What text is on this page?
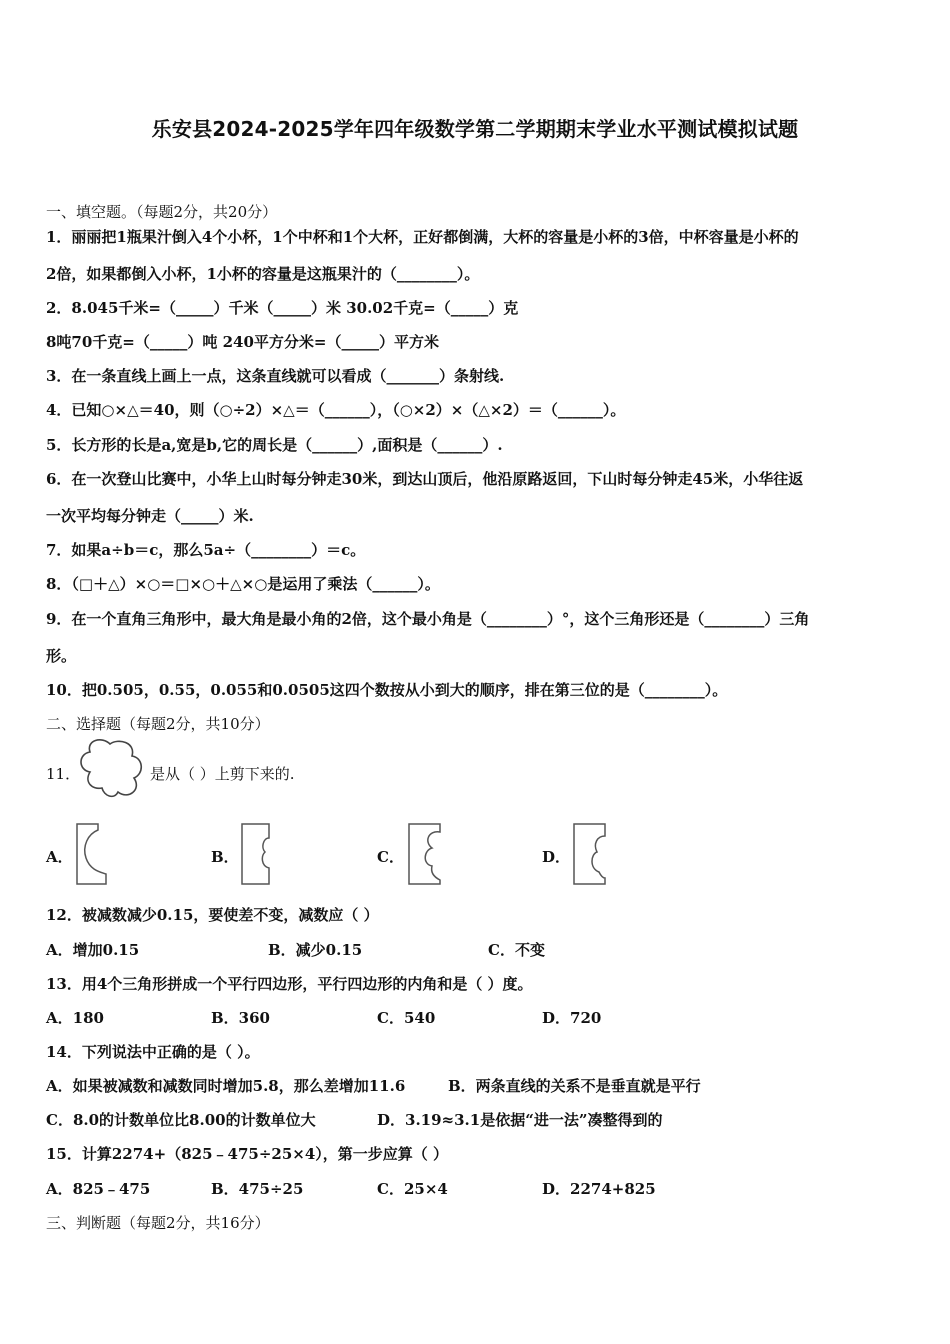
乐安县2024-2025学年四年级数学第二学期期末学业水平测试模拟试题
一、填空题。（每题2分，共20分）
1．丽丽把1瓶果汁倒入4个小杯，1个中杯和1个大杯，正好都倒满，大杯的容量是小杯的3倍，中杯容量是小杯的
2倍，如果都倒入小杯，1小杯的容量是这瓶果汁的（________）。
2．8.045千米=（_____）千米（_____）米 30.02千克=（_____）克
8吨70千克=（_____）吨 240平方分米=（_____）平方米
3．在一条直线上画上一点，这条直线就可以看成（_______）条射线.
4．已知○×△＝40，则（○÷2）×△＝（______），（○×2）×（△×2）＝（______）。
5．长方形的长是a,宽是b,它的周长是（______）,面积是（______）.
6．在一次登山比赛中，小华上山时每分钟走30米，到达山顶后，他沿原路返回，下山时每分钟走45米，小华往返
一次平均每分钟走（_____）米.
7．如果a÷b＝c，那么5a÷（________）＝c。
8．（□＋△）×○＝□×○＋△×○是运用了乘法（______）。
9．在一个直角三角形中，最大角是最小角的2倍，这个最小角是（________）°，这个三角形还是（________）三角
形。
10．把0.505，0.55，0.055和0.0505这四个数按从小到大的顺序，排在第三位的是（________）。
二、选择题（每题2分，共10分）
11．	是从（ ）上剪下来的.
A．	B．	C．	D．
12．被减数减少0.15，要使差不变，减数应（ ）
A．增加0.15	B．减少0.15	C．不变
13．用4个三角形拼成一个平行四边形，平行四边形的内角和是（ ）度。
A．180	B．360	C．540	D．720
14．下列说法中正确的是（ ）。
A．如果被减数和减数同时增加5.8，那么差增加11.6	B．两条直线的关系不是垂直就是平行
C．8.0的计数单位比8.00的计数单位大	D．3.19≈3.1是依据“进一法”凑整得到的
15．计算2274+（825﹣475÷25×4），第一步应算（ ）
A．825﹣475	B．475÷25	C．25×4	D．2274+825
三、判断题（每题2分，共16分）
